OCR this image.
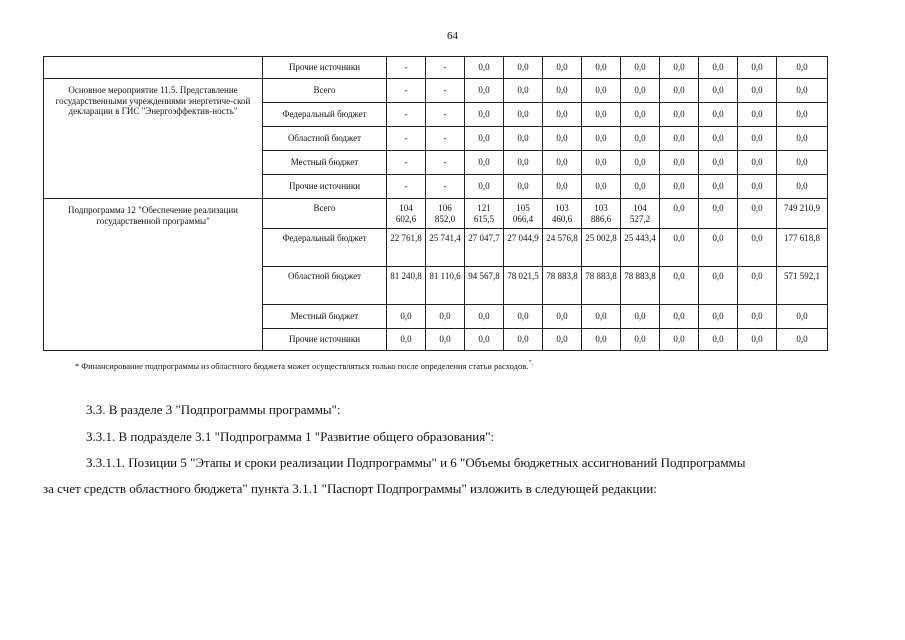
64
	Прочие источники	-	-	0,0	0,0	0,0	0,0	0,0	0,0	0,0	0,0	0,0
Основное мероприятие 11.5. Представление государственными учреждениями энергетиче-ской декларации в ГИС "Энергоэффектив-ность"	Всего	-	-	0,0	0,0	0,0	0,0	0,0	0,0	0,0	0,0	0,0
	Федеральный бюджет	-	-	0,0	0,0	0,0	0,0	0,0	0,0	0,0	0,0	0,0
	Областной бюджет	-	-	0,0	0,0	0,0	0,0	0,0	0,0	0,0	0,0	0,0
	Местный бюджет	-	-	0,0	0,0	0,0	0,0	0,0	0,0	0,0	0,0	0,0
	Прочие источники	-	-	0,0	0,0	0,0	0,0	0,0	0,0	0,0	0,0	0,0
Подпрограмма 12 "Обеспечение реализации государственной программы"	Всего	104 602,6	106 852,0	121 615,5	105 066,4	103 460,6	103 886,6	104 527,2	0,0	0,0	0,0	749 210,9
	Федеральный бюджет	22 761,8	25 741,4	27 047,7	27 044,9	24 576,8	25 002,8	25 443,4	0,0	0,0	0,0	177 618,8
	Областной бюджет	81 240,8	81 110,6	94 567,8	78 021,5	78 883,8	78 883,8	78 883,8	0,0	0,0	0,0	571 592,1
	Местный бюджет	0,0	0,0	0,0	0,0	0,0	0,0	0,0	0,0	0,0	0,0	0,0
	Прочие источники	0,0	0,0	0,0	0,0	0,0	0,0	0,0	0,0	0,0	0,0	0,0
* Финансирование подпрограммы из областного бюджета может осуществляться только после определения статьи расходов.".
3.3. В разделе 3 "Подпрограммы программы":
3.3.1. В подразделе 3.1 "Подпрограмма 1 "Развитие общего образования":
3.3.1.1. Позиции 5 "Этапы и сроки реализации Подпрограммы" и 6 "Объемы бюджетных ассигнований Подпрограммы
за счет средств областного бюджета" пункта 3.1.1 "Паспорт Подпрограммы" изложить в следующей редакции:
